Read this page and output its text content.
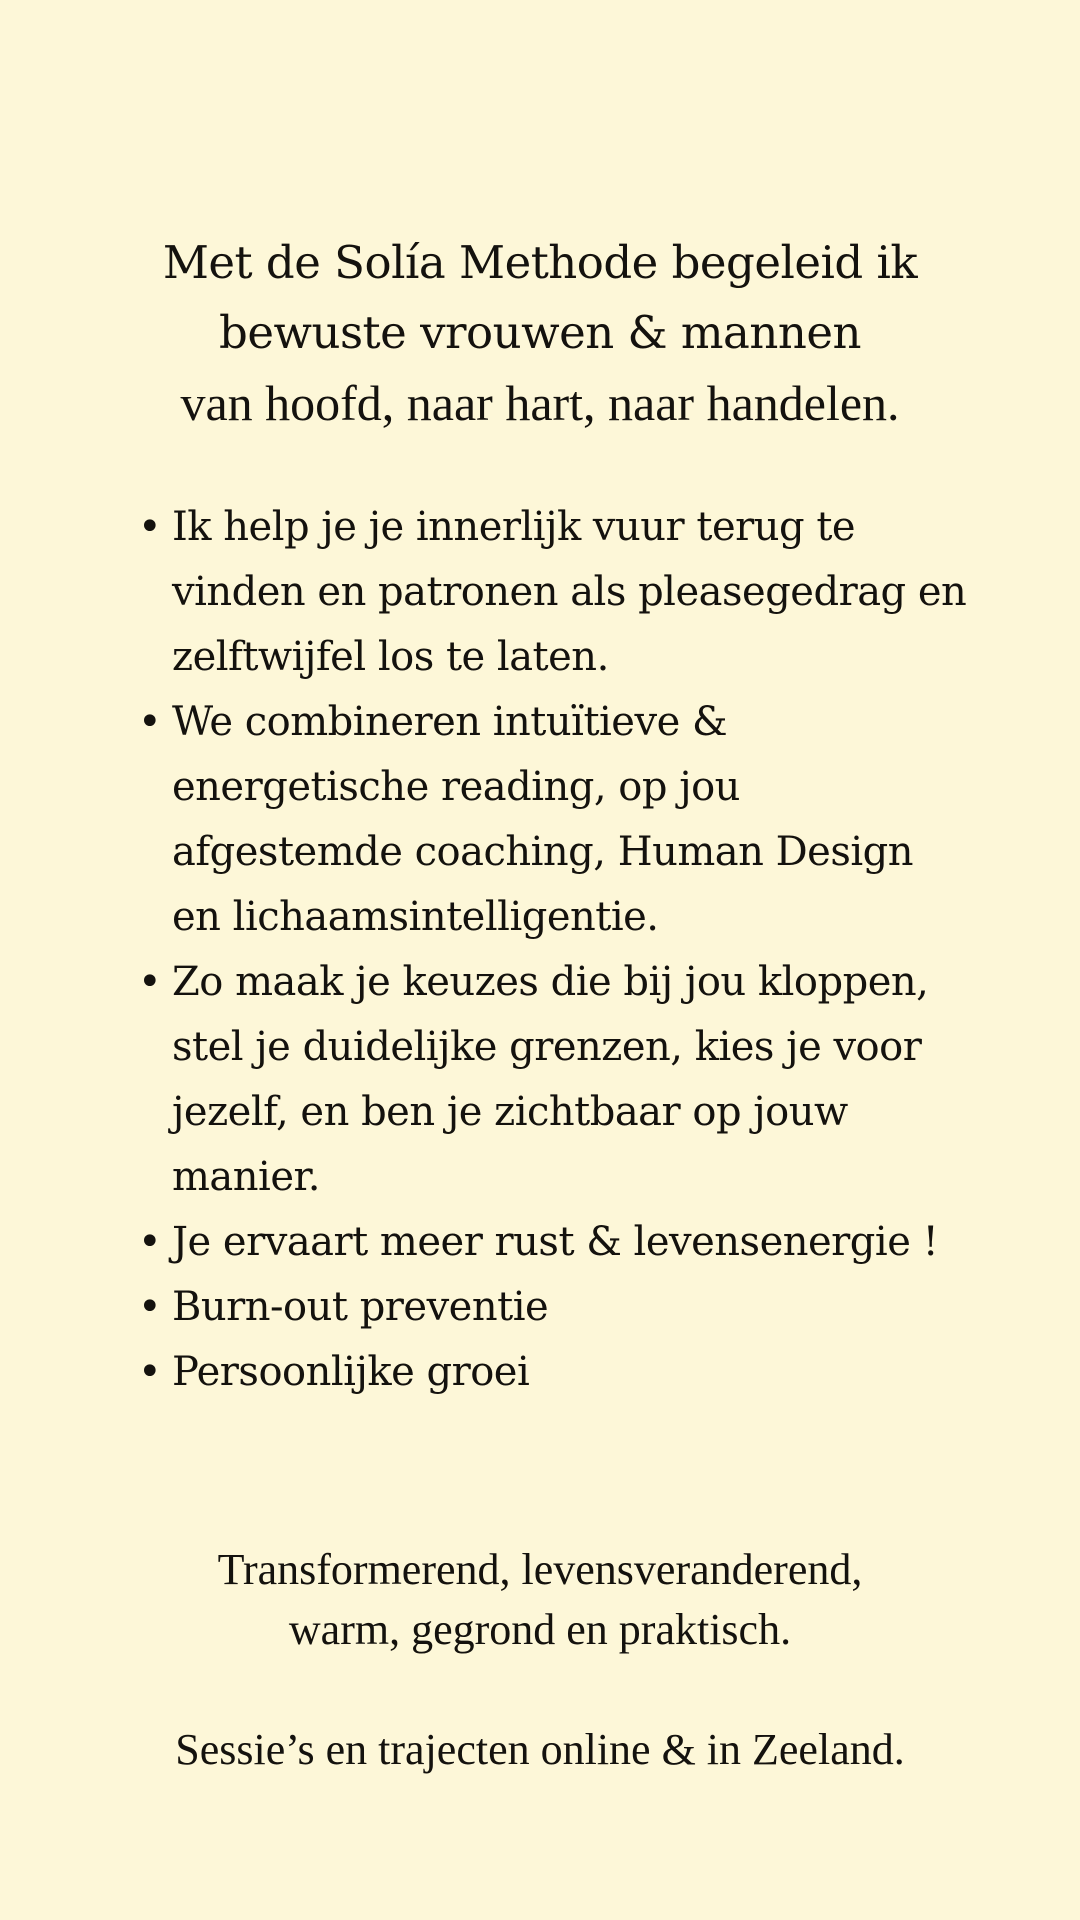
Met de Solía Methode begeleid ik
bewuste vrouwen & mannen
van hoofd, naar hart, naar handelen.
• Ik help je je innerlijk vuur terug te vinden en patronen als pleasegedrag en zelftwijfel los te laten.
• We combineren intuïtieve & energetische reading, op jou afgestemde coaching, Human Design en lichaamsintelligentie.
• Zo maak je keuzes die bij jou kloppen, stel je duidelijke grenzen, kies je voor jezelf, en ben je zichtbaar op jouw manier.
• Je ervaart meer rust & levensenergie !
• Burn-out preventie
• Persoonlijke groei
Transformerend, levensveranderend,
warm, gegrond en praktisch.
Sessie’s en trajecten online & in Zeeland.
